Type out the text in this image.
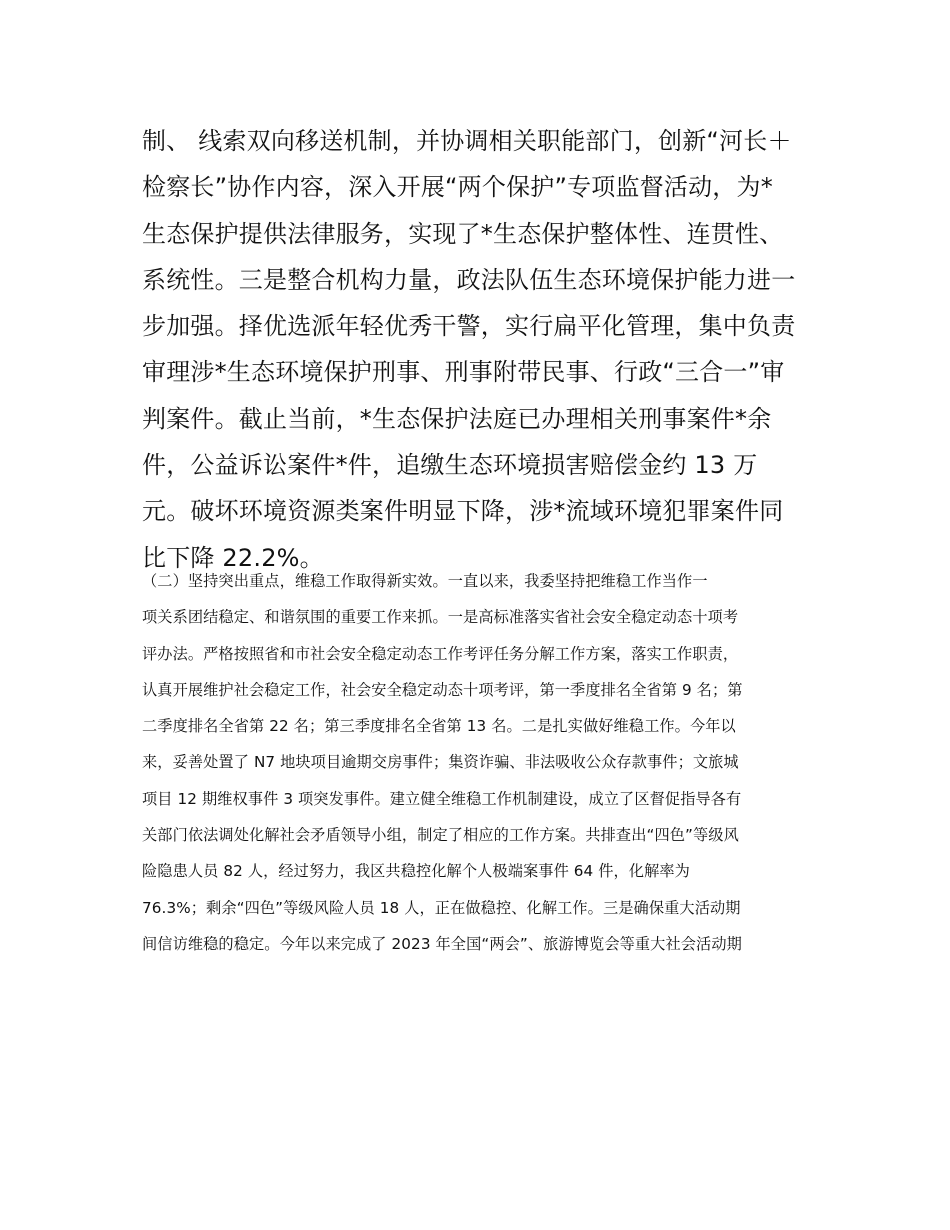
制、 线索双向移送机制，并协调相关职能部门，创新“河长＋
检察长”协作内容，深入开展“两个保护”专项监督活动，为*
生态保护提供法律服务，实现了*生态保护整体性、连贯性、
系统性。三是整合机构力量，政法队伍生态环境保护能力进一
步加强。择优选派年轻优秀干警，实行扁平化管理，集中负责
审理涉*生态环境保护刑事、刑事附带民事、行政“三合一”审
判案件。截止当前，*生态保护法庭已办理相关刑事案件*余
件，公益诉讼案件*件，追缴生态环境损害赔偿金约 13 万
元。破坏环境资源类案件明显下降，涉*流域环境犯罪案件同
比下降 22.2%。
（二）坚持突出重点，维稳工作取得新实效。一直以来，我委坚持把维稳工作当作一
项关系团结稳定、和谐氛围的重要工作来抓。一是高标准落实省社会安全稳定动态十项考
评办法。严格按照省和市社会安全稳定动态工作考评任务分解工作方案，落实工作职责，
认真开展维护社会稳定工作，社会安全稳定动态十项考评，第一季度排名全省第 9 名；第
二季度排名全省第 22 名；第三季度排名全省第 13 名。二是扎实做好维稳工作。今年以
来，妥善处置了 N7 地块项目逾期交房事件；集资诈骗、非法吸收公众存款事件；文旅城
项目 12 期维权事件 3 项突发事件。建立健全维稳工作机制建设，成立了区督促指导各有
关部门依法调处化解社会矛盾领导小组，制定了相应的工作方案。共排查出“四色”等级风
险隐患人员 82 人，经过努力，我区共稳控化解个人极端案事件 64 件，化解率为
76.3%；剩余“四色”等级风险人员 18 人，正在做稳控、化解工作。三是确保重大活动期
间信访维稳的稳定。今年以来完成了 2023 年全国“两会”、旅游博览会等重大社会活动期
